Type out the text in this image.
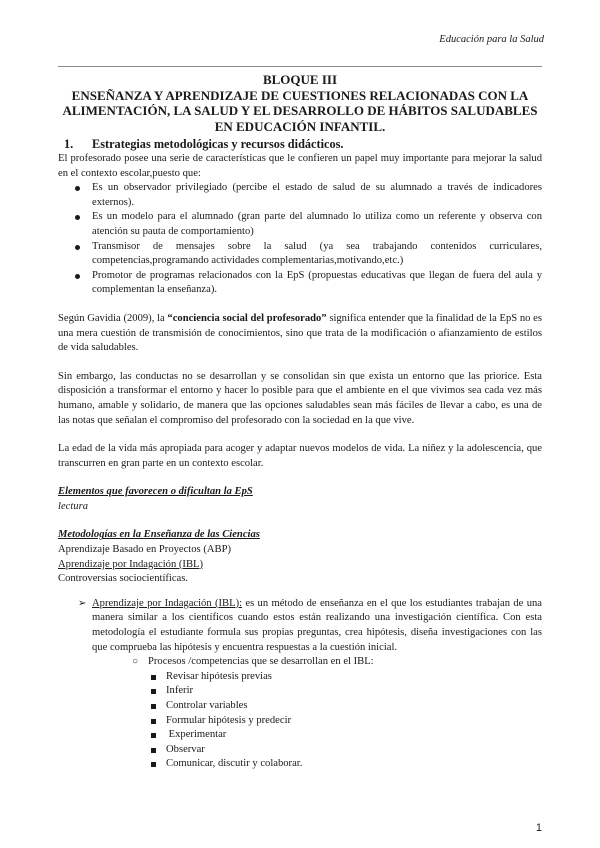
Educación para la Salud
BLOQUE III
ENSEÑANZA Y APRENDIZAJE DE CUESTIONES RELACIONADAS CON LA ALIMENTACIÓN, LA SALUD Y EL DESARROLLO DE HÁBITOS SALUDABLES EN EDUCACIÓN INFANTIL.
1.	Estrategias metodológicas y recursos didácticos.

El profesorado posee una serie de características que le confieren un papel muy importante para mejorar la salud en el contexto escolar,puesto que:

Es un observador privilegiado (percibe el estado de salud de su alumnado a través de indicadores externos).
Es un modelo para el alumnado (gran parte del alumnado lo utiliza como un referente y observa con atención su pauta de comportamiento)
Transmisor de mensajes sobre la salud (ya sea trabajando contenidos curriculares, competencias,programando actividades complementarias,motivando,etc.)
Promotor de programas relacionados con la EpS (propuestas educativas que llegan de fuera del aula y complementan la enseñanza).

Según Gavidia (2009), la “conciencia social del profesorado” significa entender que la finalidad de la EpS no es una mera cuestión de transmisión de conocimientos, sino que trata de la modificación o afianzamiento de estilos de vida saludables.

Sin embargo, las conductas no se desarrollan y se consolidan sin que exista un entorno que las priorice. Esta disposición a transformar el entorno y hacer lo posible para que el ambiente en el que vivimos sea cada vez más humano, amable y solidario, de manera que las opciones saludables sean más fáciles de llevar a cabo, es una de las notas que señalan el compromiso del profesorado con la sociedad en la que vive.

La edad de la vida más apropiada para acoger y adaptar nuevos modelos de vida. La niñez y la adolescencia, que transcurren en gran parte en un contexto escolar.

Elementos que favorecen o dificultan la EpS
lectura
Metodologías en la Enseñanza de las Ciencias
Aprendizaje Basado en Proyectos (ABP)
Aprendizaje por Indagación (IBL)
Controversias sociocientíficas.
➢ Aprendizaje por Indagación (IBL): es un método de enseñanza en el que los estudiantes trabajan de una manera similar a los científicos cuando estos están realizando una investigación científica. Con esta metodología el estudiante formula sus propias preguntas, crea hipótesis, diseña investigaciones con las que comprueba las hipótesis y encuentra respuestas a la cuestión inicial.
○ Procesos /competencias que se desarrollan en el IBL:
Revisar hipótesis previas
Inferir
Controlar variables
Formular hipótesis y predecir
Experimentar
Observar
Comunicar, discutir y colaborar.
1
